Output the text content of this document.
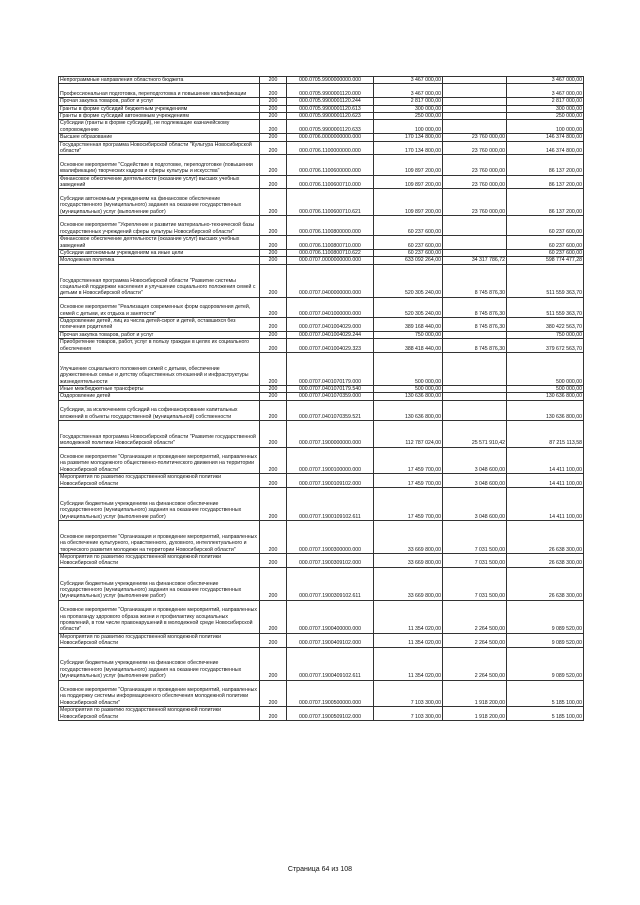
Непрограммные направления областного бюджета	200	000.0705.9900000000.000	3 467 000,00		3 467 000,00
Профессиональная подготовка, переподготовка и повышение квалификации	200	000.0705.9900001120.000	3 467 000,00		3 467 000,00
Прочая закупка товаров, работ и услуг	200	000.0705.9900001120.244	2 817 000,00		2 817 000,00
Гранты в форме субсидий бюджетным учреждениям	200	000.0705.9900001120.613	300 000,00		300 000,00
Гранты в форме субсидий автономным учреждениям	200	000.0705.9900001120.623	250 000,00		250 000,00
Субсидии (гранты в форме субсидий), не подлежащие казначейскому сопровождению	200	000.0705.9900001120.633	100 000,00		100 000,00
Высшее образование	200	000.0706.0000000000.000	170 134 800,00	23 760 000,00	146 374 800,00
Государственная программа Новосибирской области "Культура Новосибирской области"	200	000.0706.1100000000.000	170 134 800,00	23 760 000,00	146 374 800,00
Основное мероприятие "Содействие в подготовке, переподготовке (повышении квалификации) творческих кадров и сферы культуры и искусства"	200	000.0706.1100600000.000	109 897 200,00	23 760 000,00	86 137 200,00
Финансовое обеспечение деятельности (оказание услуг) высших учебных заведений	200	000.0706.1100600710.000	109 897 200,00	23 760 000,00	86 137 200,00
Субсидии автономным учреждениям на финансовое обеспечение государственного (муниципального) задания на оказание государственных (муниципальных) услуг (выполнение работ)	200	000.0706.1100600710.621	109 897 200,00	23 760 000,00	86 137 200,00
Основное мероприятие "Укрепление и развитие материально-технической базы государственных учреждений сферы культуры Новосибирской области"	200	000.0706.1100800000.000	60 237 600,00		60 237 600,00
Финансовое обеспечение деятельности (оказание услуг) высших учебных заведений	200	000.0706.1100800710.000	60 237 600,00		60 237 600,00
Субсидии автономным учреждениям на иные цели	200	000.0706.1100800710.622	60 237 600,00		60 237 600,00
Молодежная политика	200	000.0707.0000000000.000	633 092 264,00	34 317 786,72	598 774 477,28
Государственная программа Новосибирской области "Развитие системы социальной поддержки населения и улучшение социального положения семей с детьми в Новосибирской области"	200	000.0707.0400000000.000	520 305 240,00	8 745 876,30	511 559 363,70
Основное мероприятие "Реализация современных форм оздоровления детей, семей с детьми, их отдыха и занятости"	200	000.0707.0401000000.000	520 305 240,00	8 745 876,30	511 559 363,70
Оздоровление детей, лиц из числа детей-сирот и детей, оставшихся без попечения родителей	200	000.0707.0401004029.000	389 168 440,00	8 745 876,30	380 422 563,70
Прочая закупка товаров, работ и услуг	200	000.0707.0401004029.244	750 000,00		750 000,00
Приобретение товаров, работ, услуг в пользу граждан в целях их социального обеспечения	200	000.0707.0401004029.323	388 418 440,00	8 745 876,30	379 672 563,70
Улучшение социального положения семей с детьми, обеспечение дружественных семье и детству общественных отношений и инфраструктуры жизнедеятельности	200	000.0707.0401070179.000	500 000,00		500 000,00
Иные межбюджетные трансферты	200	000.0707.0401070179.540	500 000,00		500 000,00
Оздоровление детей	200	000.0707.0401070359.000	130 636 800,00		130 636 800,00
Субсидии, за исключением субсидий на софинансирование капитальных вложений в объекты государственной (муниципальной) собственности	200	000.0707.0401070359.521	130 636 800,00		130 636 800,00
Государственная программа Новосибирской области "Развитие государственной молодежной политики Новосибирской области"	200	000.0707.1900000000.000	112 787 024,00	25 571 910,42	87 215 113,58
Основное мероприятие "Организация и проведение мероприятий, направленных на развитие молодежного общественно-политического движения на территории Новосибирской области"	200	000.0707.1900100000.000	17 459 700,00	3 048 600,00	14 411 100,00
Мероприятия по развитию государственной молодежной политики Новосибирской области	200	000.0707.1900109102.000	17 459 700,00	3 048 600,00	14 411 100,00
Субсидии бюджетным учреждениям на финансовое обеспечение государственного (муниципального) задания на оказание государственных (муниципальных) услуг (выполнение работ)	200	000.0707.1900109102.611	17 459 700,00	3 048 600,00	14 411 100,00
Основное мероприятие "Организация и проведение мероприятий, направленных на обеспечение культурного, нравственного, духовного, интеллектуального и творческого развития молодежи на территории Новосибирской области"	200	000.0707.1900300000.000	33 669 800,00	7 031 500,00	26 638 300,00
Мероприятия по развитию государственной молодежной политики Новосибирской области	200	000.0707.1900309102.000	33 669 800,00	7 031 500,00	26 638 300,00
Субсидии бюджетным учреждениям на финансовое обеспечение государственного (муниципального) задания на оказание государственных (муниципальных) услуг (выполнение работ)	200	000.0707.1900309102.611	33 669 800,00	7 031 500,00	26 638 300,00
Основное мероприятие "Организация и проведение мероприятий, направленных на пропаганду здорового образа жизни и профилактику асоциальных проявлений, в том числе правонарушений в молодежной среде Новосибирской области"	200	000.0707.1900400000.000	11 354 020,00	2 264 500,00	9 089 520,00
Мероприятия по развитию государственной молодежной политики Новосибирской области	200	000.0707.1900409102.000	11 354 020,00	2 264 500,00	9 089 520,00
Субсидии бюджетным учреждениям на финансовое обеспечение государственного (муниципального) задания на оказание государственных (муниципальных) услуг (выполнение работ)	200	000.0707.1900409102.611	11 354 020,00	2 264 500,00	9 089 520,00
Основное мероприятие "Организация и проведение мероприятий, направленных на поддержку системы информационного обеспечения молодежной политики Новосибирской области"	200	000.0707.1900500000.000	7 103 300,00	1 918 200,00	5 185 100,00
Мероприятия по развитию государственной молодежной политики Новосибирской области	200	000.0707.1900509102.000	7 103 300,00	1 918 200,00	5 185 100,00
Страница 64 из 108
